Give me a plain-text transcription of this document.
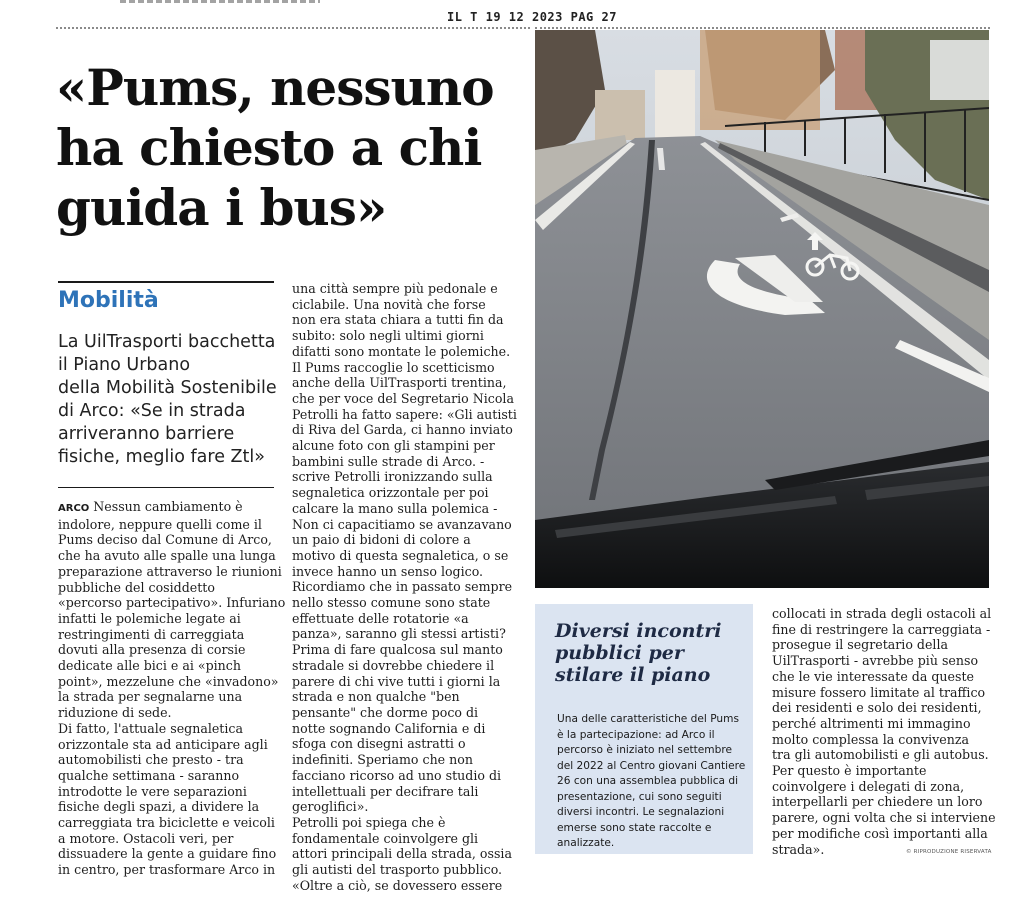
IL T 19 12 2023 PAG 27
«Pums, nessuno
ha chiesto a chi
guida i bus»
Mobilità
La UilTrasporti bacchetta
il Piano Urbano
della Mobilità Sostenibile
di Arco: «Se in strada
arriveranno barriere
fisiche, meglio fare Ztl»

ARCO Nessun cambiamento è

indolore, neppure quelli come il
Pums deciso dal Comune di Arco,
che ha avuto alle spalle una lunga
preparazione attraverso le riunioni
pubbliche del cosiddetto
«percorso partecipativo». Infuriano
infatti le polemiche legate ai
restringimenti di carreggiata
dovuti alla presenza di corsie
dedicate alle bici e ai «pinch
point», mezzelune che «invadono»
la strada per segnalarne una
riduzione di sede.
Di fatto, l'attuale segnaletica
orizzontale sta ad anticipare agli
automobilisti che presto - tra
qualche settimana - saranno
introdotte le vere separazioni
fisiche degli spazi, a dividere la
carreggiata tra biciclette e veicoli
a motore. Ostacoli veri, per
dissuadere la gente a guidare fino
in centro, per trasformare Arco in
una città sempre più pedonale e
ciclabile. Una novità che forse
non era stata chiara a tutti fin da
subito: solo negli ultimi giorni
difatti sono montate le polemiche.
Il Pums raccoglie lo scetticismo
anche della UilTrasporti trentina,
che per voce del Segretario Nicola
Petrolli ha fatto sapere: «Gli autisti
di Riva del Garda, ci hanno inviato
alcune foto con gli stampini per
bambini sulle strade di Arco. -
scrive Petrolli ironizzando sulla
segnaletica orizzontale per poi
calcare la mano sulla polemica -
Non ci capacitiamo se avanzavano
un paio di bidoni di colore a
motivo di questa segnaletica, o se
invece hanno un senso logico.
Ricordiamo che in passato sempre
nello stesso comune sono state
effettuate delle rotatorie «a
panza», saranno gli stessi artisti?
Prima di fare qualcosa sul manto
stradale si dovrebbe chiedere il
parere di chi vive tutti i giorni la
strada e non qualche "ben
pensante" che dorme poco di
notte sognando California e di
sfoga con disegni astratti o
indefiniti. Speriamo che non
facciano ricorso ad uno studio di
intellettuali per decifrare tali
geroglifici».
Petrolli poi spiega che è
fondamentale coinvolgere gli
attori principali della strada, ossia
gli autisti del trasporto pubblico.
«Oltre a ciò, se dovessero essere
Diversi incontri
pubblici per
stilare il piano
Una delle caratteristiche del Pums
è la partecipazione: ad Arco il
percorso è iniziato nel settembre
del 2022 al Centro giovani Cantiere
26 con una assemblea pubblica di
presentazione, cui sono seguiti
diversi incontri. Le segnalazioni
emerse sono state raccolte e
analizzate.
collocati in strada degli ostacoli al
fine di restringere la carreggiata -
prosegue il segretario della
UilTrasporti - avrebbe più senso
che le vie interessate da queste
misure fossero limitate al traffico
dei residenti e solo dei residenti,
perché altrimenti mi immagino
molto complessa la convivenza
tra gli automobilisti e gli autobus.
Per questo è importante
coinvolgere i delegati di zona,
interpellarli per chiedere un loro
parere, ogni volta che si interviene
per modifiche così importanti alla
strada».	© RIPRODUZIONE RISERVATA
